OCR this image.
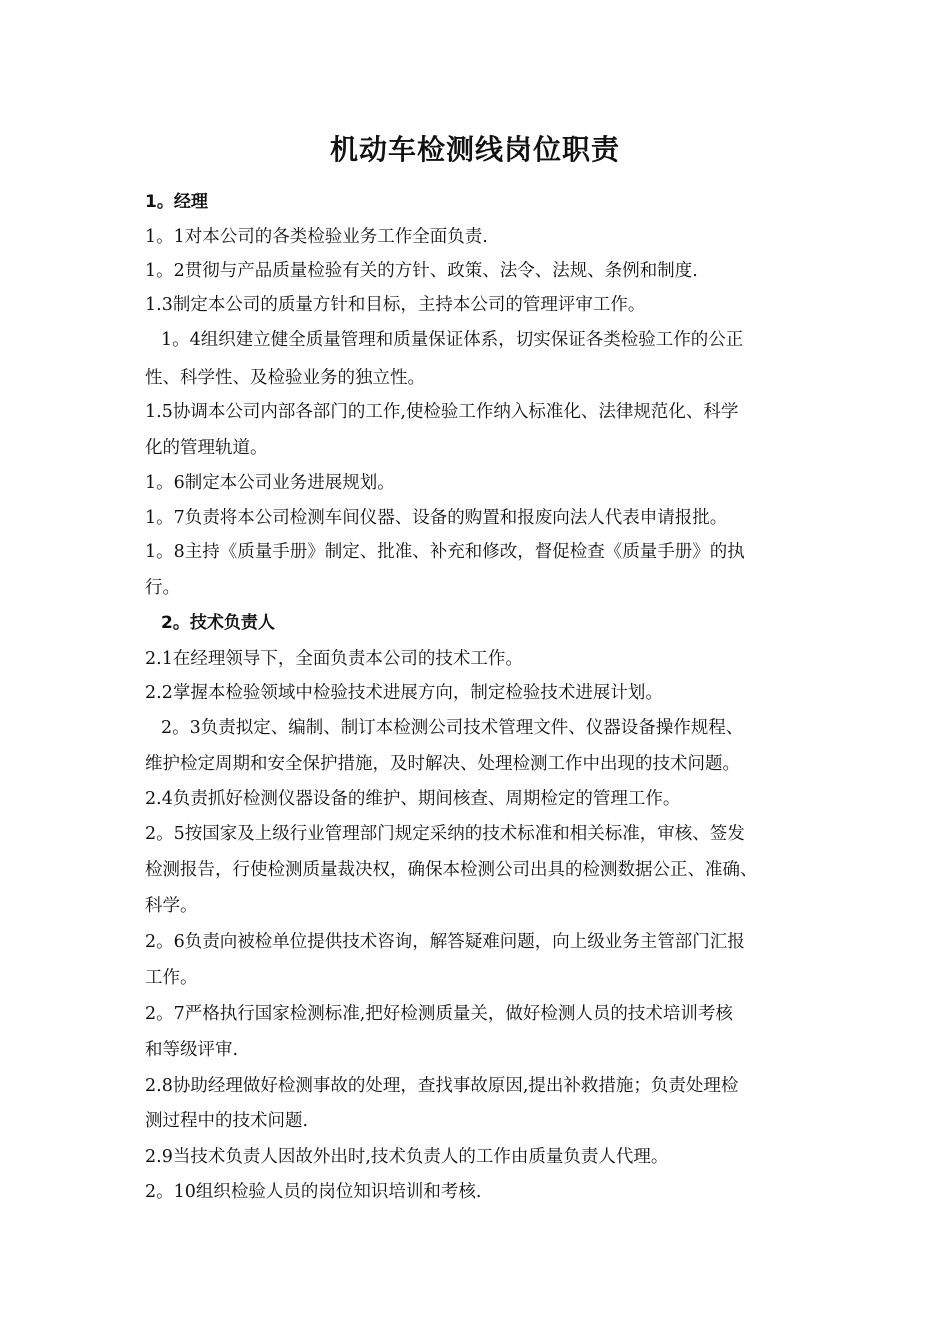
机动车检测线岗位职责
1。经理
1。1对本公司的各类检验业务工作全面负责.
1。2贯彻与产品质量检验有关的方针、政策、法令、法规、条例和制度.
1.3制定本公司的质量方针和目标，主持本公司的管理评审工作。
1。4组织建立健全质量管理和质量保证体系，切实保证各类检验工作的公正
性、科学性、及检验业务的独立性。
1.5协调本公司内部各部门的工作,使检验工作纳入标准化、法律规范化、科学
化的管理轨道。
1。6制定本公司业务进展规划。
1。7负责将本公司检测车间仪器、设备的购置和报废向法人代表申请报批。
1。8主持《质量手册》制定、批准、补充和修改，督促检查《质量手册》的执
行。
2。技术负责人
2.1在经理领导下，全面负责本公司的技术工作。
2.2掌握本检验领域中检验技术进展方向，制定检验技术进展计划。
2。3负责拟定、编制、制订本检测公司技术管理文件、仪器设备操作规程、
维护检定周期和安全保护措施，及时解决、处理检测工作中出现的技术问题。
2.4负责抓好检测仪器设备的维护、期间核查、周期检定的管理工作。
2。5按国家及上级行业管理部门规定采纳的技术标准和相关标准，审核、签发
检测报告，行使检测质量裁决权，确保本检测公司出具的检测数据公正、准确、
科学。
2。6负责向被检单位提供技术咨询，解答疑难问题，向上级业务主管部门汇报
工作。
2。7严格执行国家检测标准,把好检测质量关，做好检测人员的技术培训考核
和等级评审.
2.8协助经理做好检测事故的处理，查找事故原因,提出补救措施；负责处理检
测过程中的技术问题.
2.9当技术负责人因故外出时,技术负责人的工作由质量负责人代理。
2。10组织检验人员的岗位知识培训和考核.
